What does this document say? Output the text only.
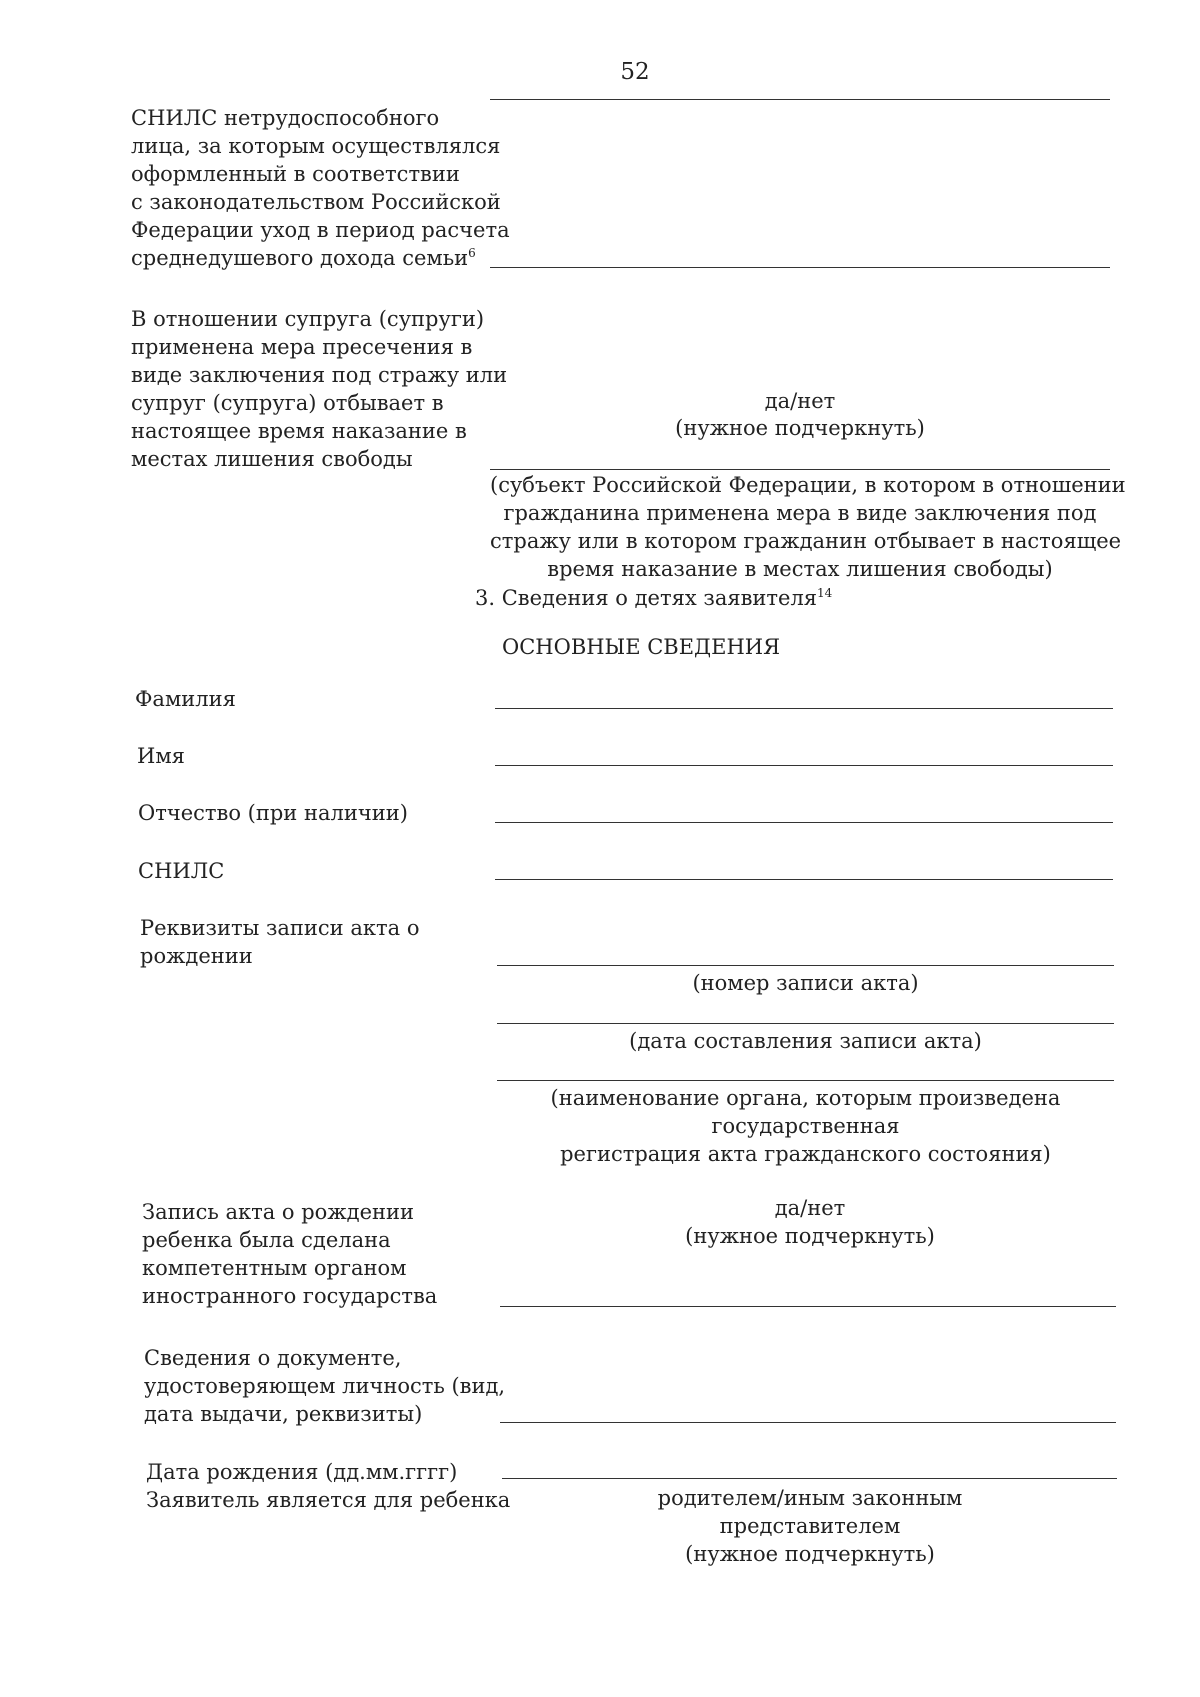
52
СНИЛС нетрудоспособного
лица, за которым осуществлялся
оформленный в соответствии
с законодательством Российской
Федерации уход в период расчета
среднедушевого дохода семьи$^6$
В отношении супруга (супруги)
применена мера пресечения в
виде заключения под стражу или
супруг (супруга) отбывает в
настоящее время наказание в
местах лишения свободы
да/нет
(нужное подчеркнуть)
(субъект Российской Федерации, в котором в отношении
гражданина применена мера в виде заключения под
стражу или в котором гражданин отбывает в настоящее
время наказание в местах лишения свободы)
3. Сведения о детях заявителя$^{14}$
ОСНОВНЫЕ СВЕДЕНИЯ
Фамилия
Имя
Отчество (при наличии)
СНИЛС
Реквизиты записи акта о
рождении
(номер записи акта)
(дата составления записи акта)
(наименование органа, которым произведена
государственная
регистрация акта гражданского состояния)
Запись акта о рождении
ребенка была сделана
компетентным органом
иностранного государства
да/нет
(нужное подчеркнуть)
Сведения о документе,
удостоверяющем личность (вид,
дата выдачи, реквизиты)
Дата рождения (дд.мм.гггг)
Заявитель является для ребенка	родителем/иным законным
представителем
(нужное подчеркнуть)
